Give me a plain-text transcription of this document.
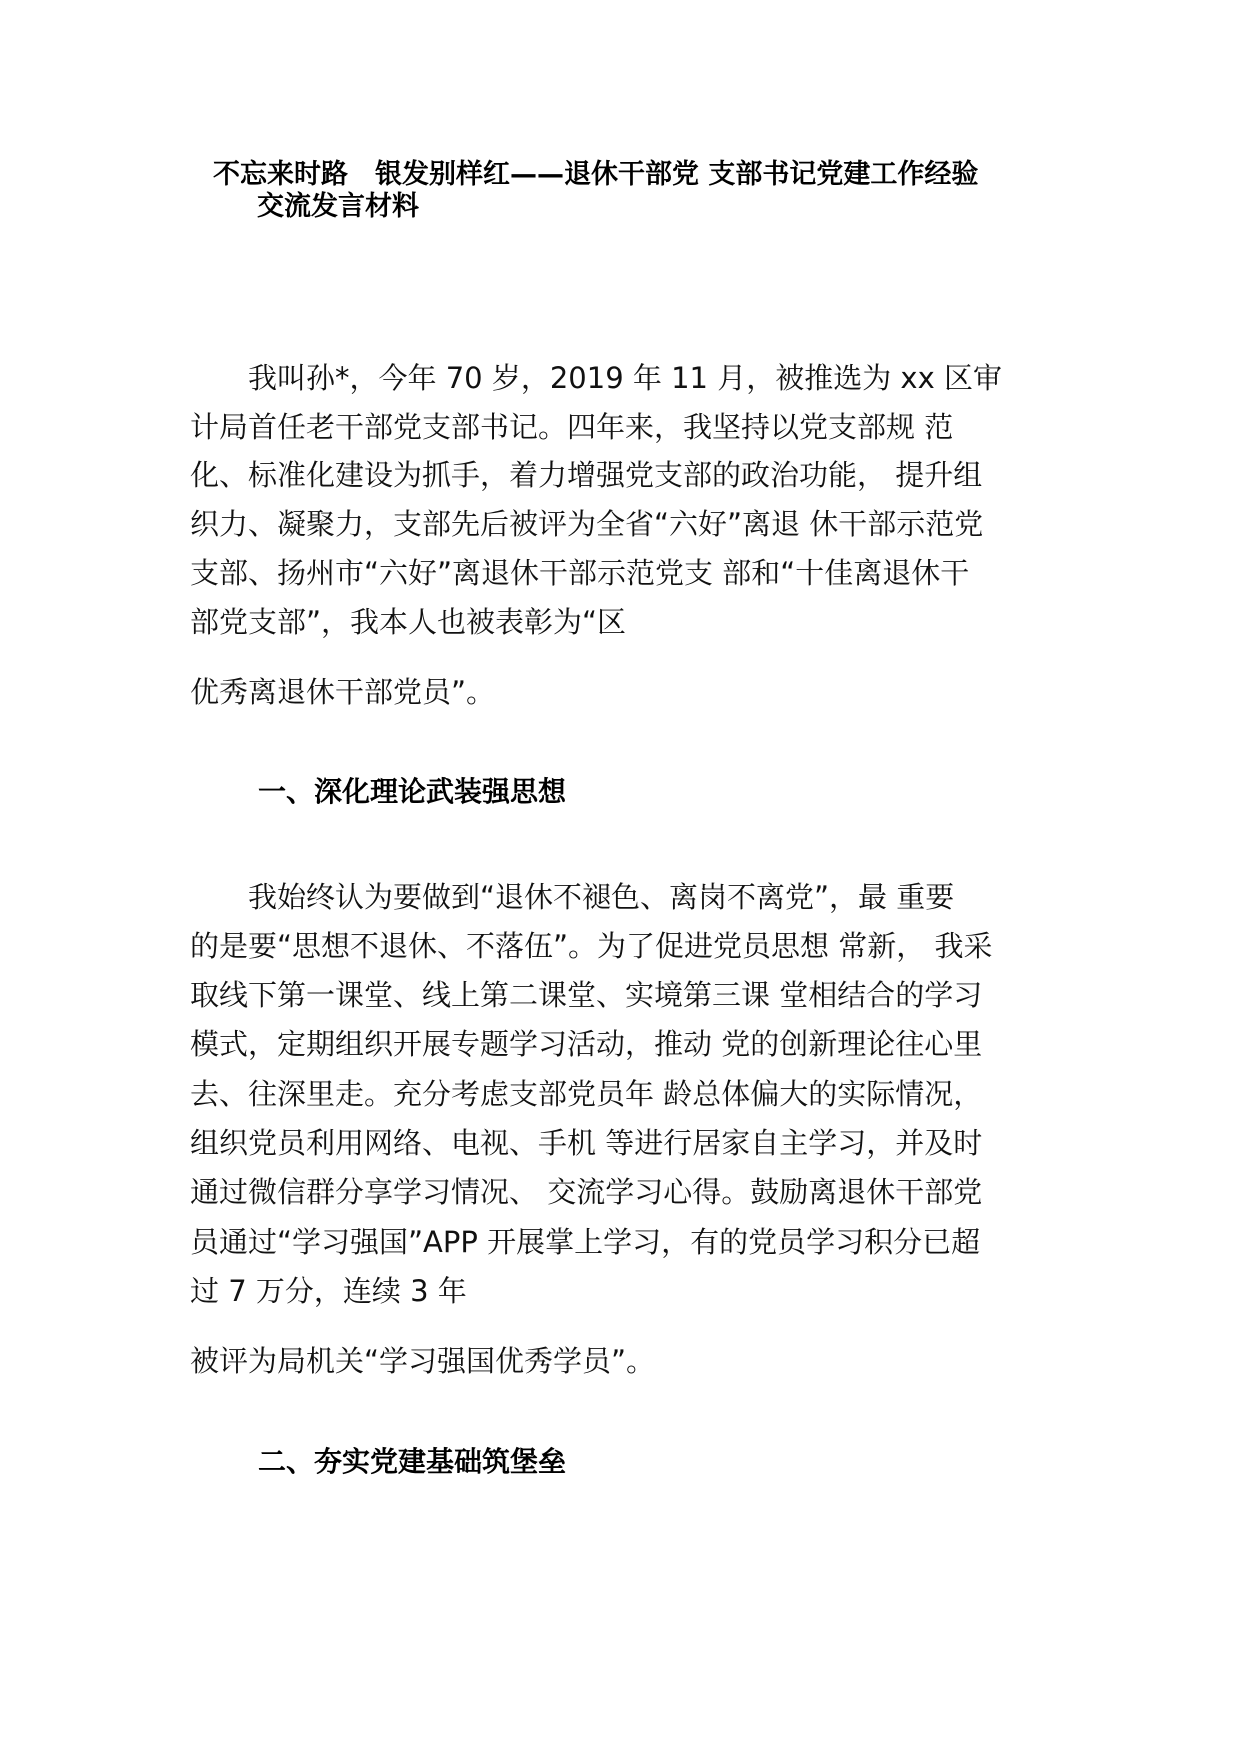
不忘来时路　银发别样红——退休干部党 支部书记党建工作经验
交流发言材料
　　我叫孙*，今年 70 岁，2019 年 11 月，被推选为 xx 区审
计局首任老干部党支部书记。四年来，我坚持以党支部规 范
化、标准化建设为抓手，着力增强党支部的政治功能， 提升组
织力、凝聚力，支部先后被评为全省“六好”离退 休干部示范党
支部、扬州市“六好”离退休干部示范党支 部和“十佳离退休干
部党支部”，我本人也被表彰为“区
优秀离退休干部党员”。
一、深化理论武装强思想
　　我始终认为要做到“退休不褪色、离岗不离党”，最 重要
的是要“思想不退休、不落伍”。为了促进党员思想 常新， 我采
取线下第一课堂、线上第二课堂、实境第三课 堂相结合的学习
模式，定期组织开展专题学习活动，推动 党的创新理论往心里
去、往深里走。充分考虑支部党员年 龄总体偏大的实际情况，
组织党员利用网络、电视、手机 等进行居家自主学习，并及时
通过微信群分享学习情况、 交流学习心得。鼓励离退休干部党
员通过“学习强国”APP 开展掌上学习，有的党员学习积分已超
过 7 万分，连续 3 年
被评为局机关“学习强国优秀学员”。
二、夯实党建基础筑堡垒
